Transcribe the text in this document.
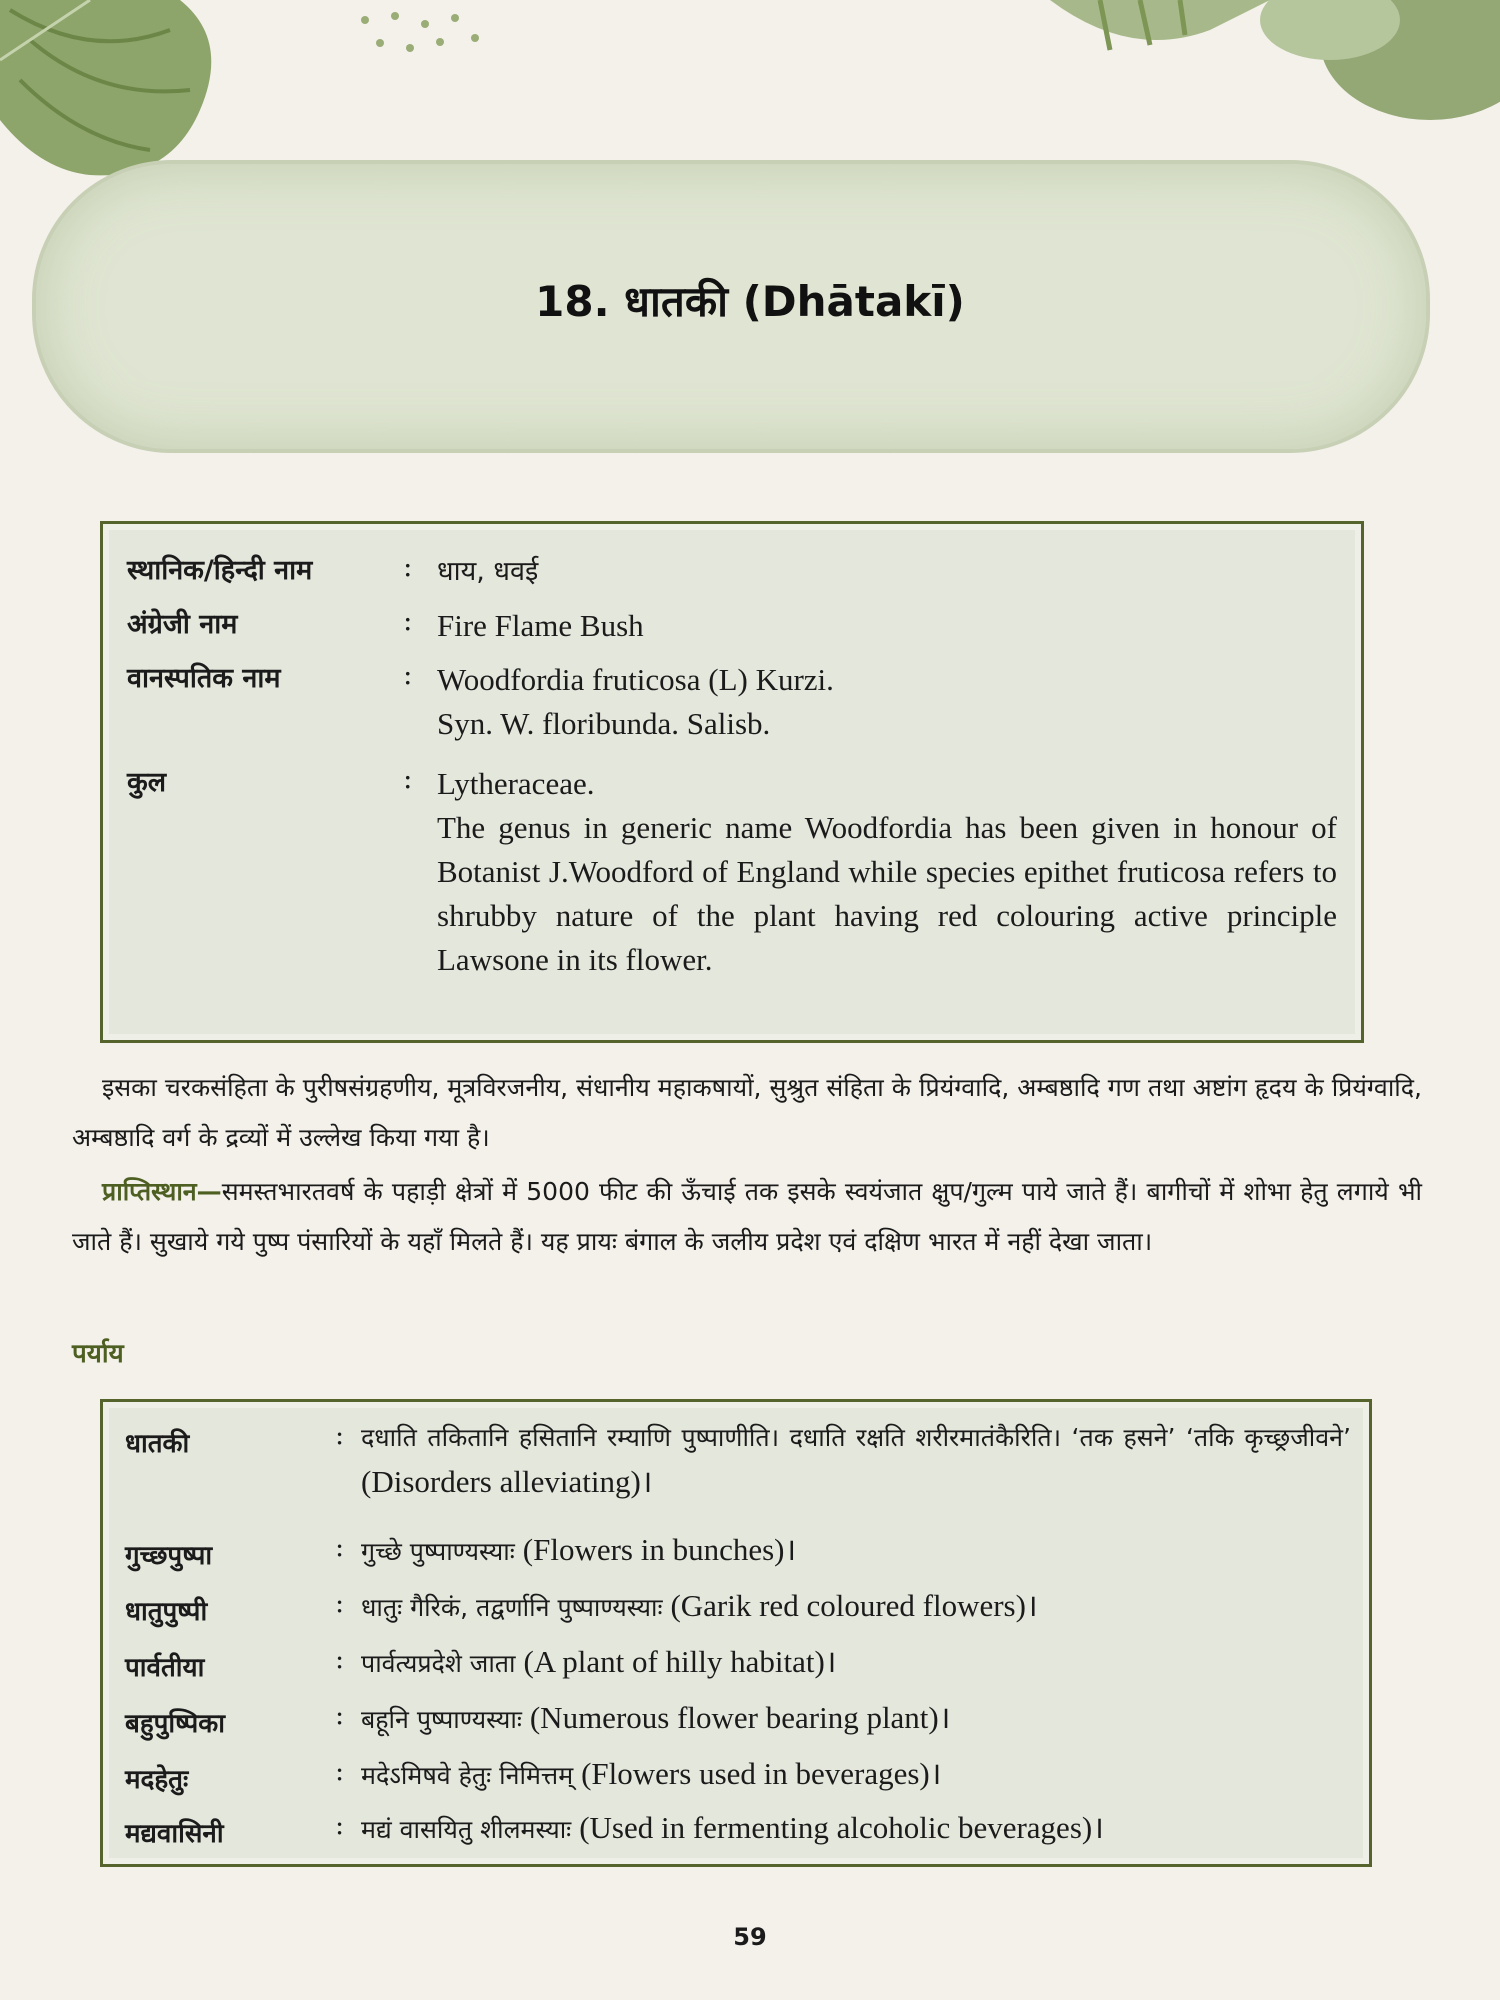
18. धातकी (Dhātakī)
स्थानिक/हिन्दी नाम	: धाय, धवई
अंग्रेजी नाम	: Fire Flame Bush
वानस्पतिक नाम	: Woodfordia fruticosa (L) Kurzi.
Syn. W. floribunda. Salisb.
कुल	: Lytheraceae.
The genus in generic name Woodfordia has been given in honour of Botanist J.Woodford of England while species epithet fruticosa refers to shrubby nature of the plant having red colouring active principle Lawsone in its flower.
इसका चरकसंहिता के पुरीषसंग्रहणीय, मूत्रविरजनीय, संधानीय महाकषायों, सुश्रुत संहिता के प्रियंग्वादि, अम्बष्ठादि गण तथा अष्टांग हृदय के प्रियंग्वादि, अम्बष्ठादि वर्ग के द्रव्यों में उल्लेख किया गया है।
प्राप्तिस्थान—समस्तभारतवर्ष के पहाड़ी क्षेत्रों में 5000 फीट की ऊँचाई तक इसके स्वयंजात क्षुप/गुल्म पाये जाते हैं। बागीचों में शोभा हेतु लगाये भी जाते हैं। सुखाये गये पुष्प पंसारियों के यहाँ मिलते हैं। यह प्रायः बंगाल के जलीय प्रदेश एवं दक्षिण भारत में नहीं देखा जाता।
पर्याय
धातकी	: दधाति तकितानि हसितानि रम्याणि पुष्पाणीति। दधाति रक्षति शरीरमातंकैरिति। ‘तक हसने’ ‘तकि कृच्छ्रजीवने’ (Disorders alleviating)।
गुच्छपुष्पा	: गुच्छे पुष्पाण्यस्याः (Flowers in bunches)।
धातुपुष्पी	: धातुः गैरिकं, तद्वर्णानि पुष्पाण्यस्याः (Garik red coloured flowers)।
पार्वतीया	: पार्वत्यप्रदेशे जाता (A plant of hilly habitat)।
बहुपुष्पिका	: बहूनि पुष्पाण्यस्याः (Numerous flower bearing plant)।
मदहेतुः	: मदेऽमिषवे हेतुः निमित्तम् (Flowers used in beverages)।
मद्यवासिनी	: मद्यं वासयितु शीलमस्याः (Used in fermenting alcoholic beverages)।
59
